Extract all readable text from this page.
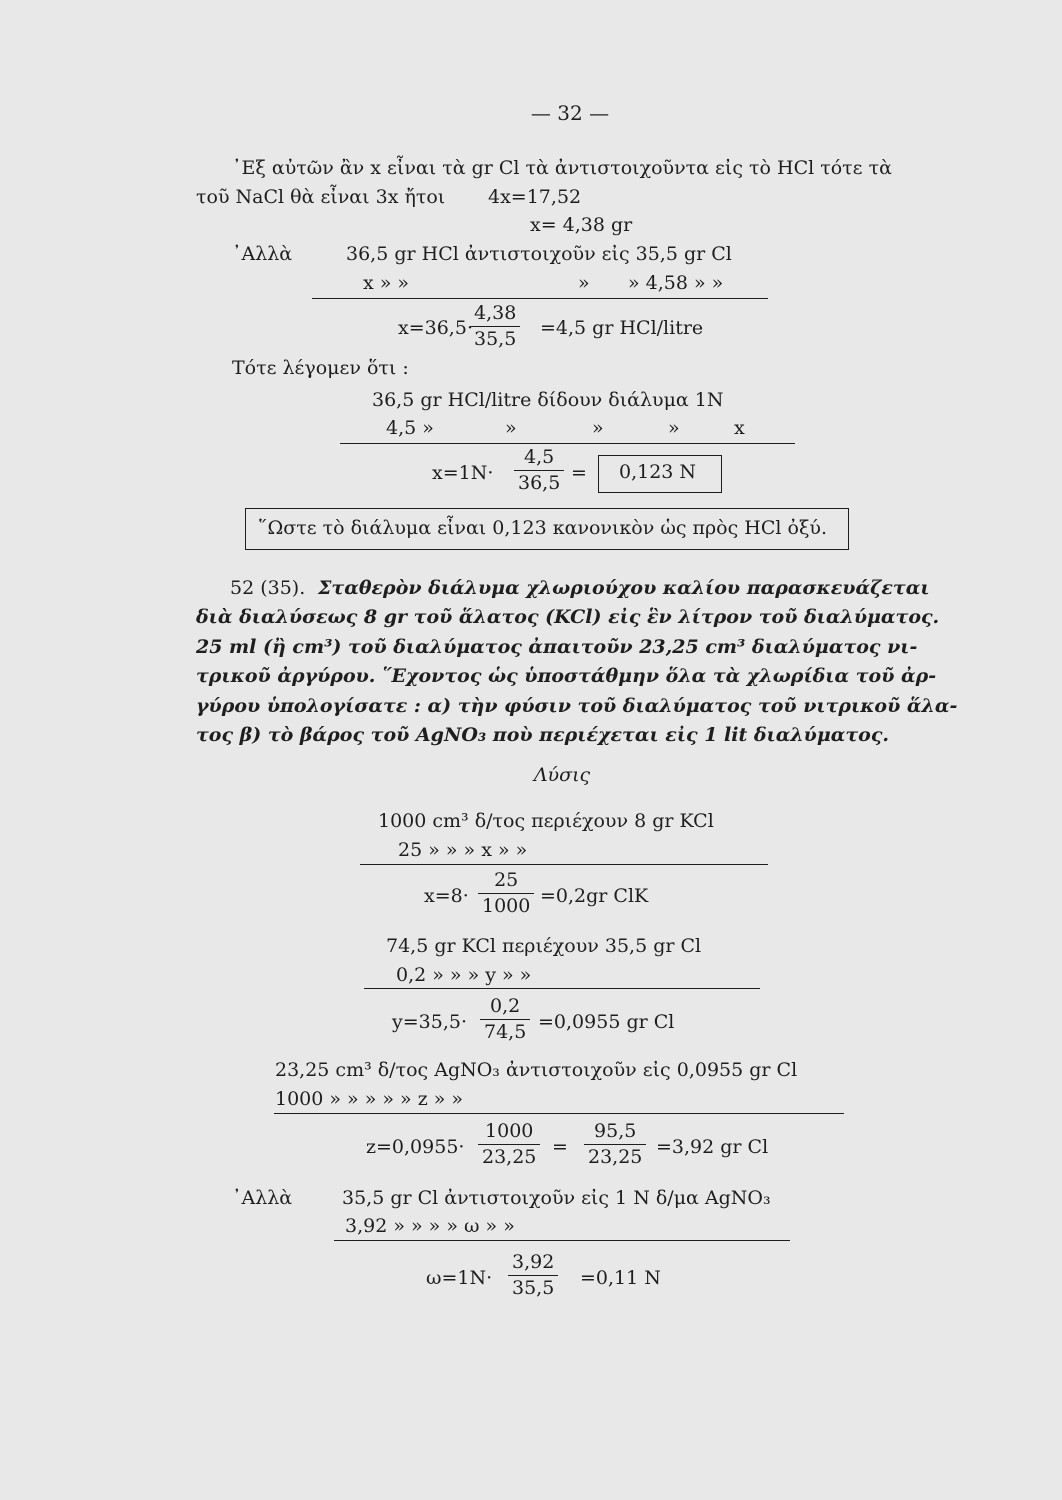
— 32 —
᾿Εξ αὐτῶν ἂν x εἶναι τὰ gr Cl τὰ ἀντιστοιχοῦντα εἰς τὸ HCl τότε τὰ
τοῦ NaCl θὰ εἶναι 3x ἤτοι 4x=17,52
x= 4,38 gr
᾿Αλλὰ	36,5 gr HCl ἀντιστοιχοῦν εἰς 35,5 gr Cl
x » »	» » 4,58 » »
x=36,5·
$\frac{4,38}{35,5} =4,5$ gr HCl/litre
Τότε λέγομεν ὅτι :
36,5 gr HCl/litre δίδουν διάλυμα 1N
4,5 »	»	»	»	x
$x=1N\cdot \frac{4,5}{36,5} = 0,123$ N
῞Ωστε τὸ διάλυμα εἶναι 0,123 κανονικὸν ὡς πρὸς HCl ὀξύ.
52 (35). Σταθερὸν διάλυμα χλωριούχου καλίου παρασκευάζεται
διὰ διαλύσεως 8 gr τοῦ ἅλατος (KCl) εἰς ἓν λίτρον τοῦ διαλύματος.
25 ml (ἢ cm³) τοῦ διαλύματος ἀπαιτοῦν 23,25 cm³ διαλύματος νι-
τρικοῦ ἀργύρου. ῞Εχοντος ὡς ὑποστάθμην ὅλα τὰ χλωρίδια τοῦ ἀρ-
γύρου ὑπολογίσατε : α) τὴν φύσιν τοῦ διαλύματος τοῦ νιτρικοῦ ἅλα-
τος β) τὸ βάρος τοῦ AgNO₃ ποὺ περιέχεται εἰς 1 lit διαλύματος.
Λύσις
1000 cm³ δ/τος περιέχουν 8 gr KCl
25 » » » x » »
$x=8\cdot \frac{25}{1000} =0,2gr$ ClK
74,5 gr KCl περιέχουν 35,5 gr Cl
0,2 » » » y » »
$y=35,5\cdot \frac{0,2}{74,5} =0,0955$ gr Cl
23,25 cm³ δ/τος AgNO₃ ἀντιστοιχοῦν εἰς 0,0955 gr Cl
1000 » » » » » z » »
$z=0,0955\cdot \frac{1000}{23,25} = \frac{95,5}{23,25} =3,92$ gr Cl
᾿Αλλὰ	35,5 gr Cl ἀντιστοιχοῦν εἰς 1 N δ/μα AgNO₃
3,92 » » » » ω » »
$\omega=1N\cdot \frac{3,92}{35,5} =0,11$ N
